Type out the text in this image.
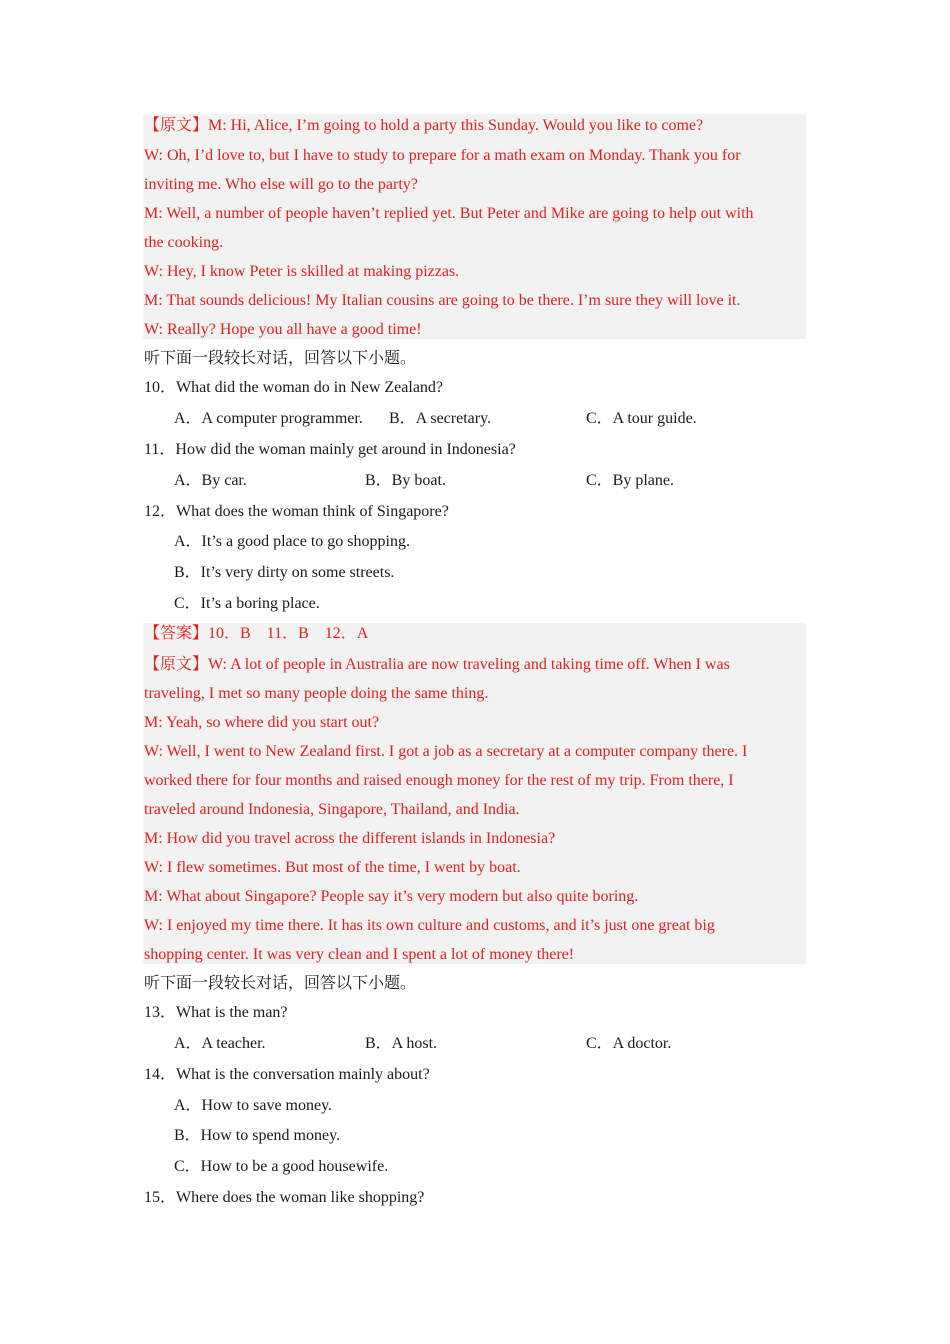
【原文】M: Hi, Alice, I’m going to hold a party this Sunday. Would you like to come?
W: Oh, I’d love to, but I have to study to prepare for a math exam on Monday. Thank you for
inviting me. Who else will go to the party?
M: Well, a number of people haven’t replied yet. But Peter and Mike are going to help out with
the cooking.
W: Hey, I know Peter is skilled at making pizzas.
M: That sounds delicious! My Italian cousins are going to be there. I’m sure they will love it.
W: Really? Hope you all have a good time!
听下面一段较长对话，回答以下小题。
10．What did the woman do in New Zealand?
A．A computer programmer. B．A secretary.	C．A tour guide.
11．How did the woman mainly get around in Indonesia?
A．By car.	B．By boat.	C．By plane.
12．What does the woman think of Singapore?
A．It’s a good place to go shopping.
B．It’s very dirty on some streets.
C．It’s a boring place.
【答案】10．B　11．B　12．A
【原文】W: A lot of people in Australia are now traveling and taking time off. When I was
traveling, I met so many people doing the same thing.
M: Yeah, so where did you start out?
W: Well, I went to New Zealand first. I got a job as a secretary at a computer company there. I
worked there for four months and raised enough money for the rest of my trip. From there, I
traveled around Indonesia, Singapore, Thailand, and India.
M: How did you travel across the different islands in Indonesia?
W: I flew sometimes. But most of the time, I went by boat.
M: What about Singapore? People say it’s very modern but also quite boring.
W: I enjoyed my time there. It has its own culture and customs, and it’s just one great big
shopping center. It was very clean and I spent a lot of money there!
听下面一段较长对话，回答以下小题。
13．What is the man?
A．A teacher.	B．A host.	C．A doctor.
14．What is the conversation mainly about?
A．How to save money.
B．How to spend money.
C．How to be a good housewife.
15．Where does the woman like shopping?
